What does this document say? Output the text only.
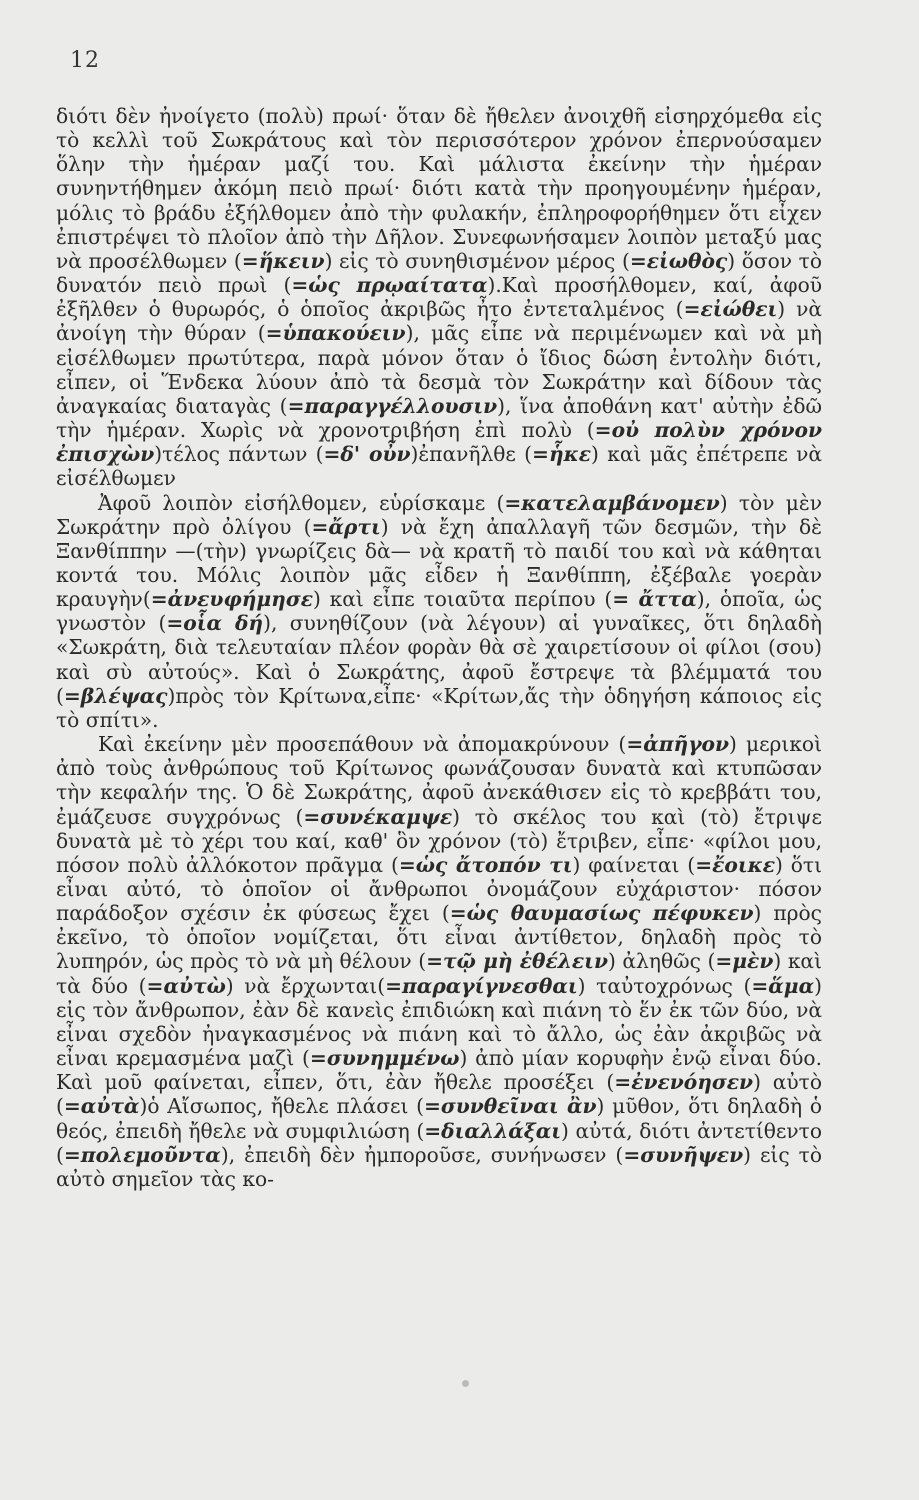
12

διότι δὲν ἠνοίγετο (πολὺ) πρωί· ὅταν δὲ ἤθελεν ἀνοιχθῆ εἰσηρχόμεθα εἰς τὸ κελλὶ τοῦ Σωκράτους καὶ τὸν περισσότερον χρόνον ἐπερνούσαμεν ὅλην τὴν ἡμέραν μαζί του. Καὶ μάλιστα ἐκείνην τὴν ἡμέραν συνηντήθημεν ἀκόμη πειὸ πρωί· διότι κατὰ τὴν προηγουμένην ἡμέραν, μόλις τὸ βράδυ ἐξήλθομεν ἀπὸ τὴν φυλακήν, ἐπληροφορήθημεν ὅτι εἶχεν ἐπιστρέψει τὸ πλοῖον ἀπὸ τὴν Δῆλον. Συνεφωνήσαμεν λοιπὸν μεταξύ μας νὰ προσέλθωμεν (=ἥκειν) εἰς τὸ συνηθισμένον μέρος (=εἰωθὸς) ὅσον τὸ δυνατόν πειὸ πρωὶ (=ὡς πρῳαίτατα).Καὶ προσήλθομεν, καί, ἀφοῦ ἐξῆλθεν ὁ θυρωρός, ὁ ὁποῖος ἀκριβῶς ἦτο ἐντεταλμένος (=εἰώθει) νὰ ἀνοίγη τὴν θύραν (=ὑπακούειν), μᾶς εἶπε νὰ περιμένωμεν καὶ νὰ μὴ εἰσέλθωμεν πρωτύτερα, παρὰ μόνον ὅταν ὁ ἴδιος δώση ἐντολὴν διότι, εἶπεν, οἱ Ἕνδεκα λύουν ἀπὸ τὰ δεσμὰ τὸν Σωκράτην καὶ δίδουν τὰς ἀναγκαίας διαταγὰς (=παραγγέλλουσιν), ἵνα ἀποθάνη κατ' αὐτὴν ἐδῶ τὴν ἡμέραν. Χωρὶς νὰ χρονοτριβήση ἐπὶ πολὺ (=οὐ πολὺν χρόνον ἐπισχὼν)τέλος πάντων (=δ' οὖν)ἐπανῆλθε (=ἧκε) καὶ μᾶς ἐπέτρεπε νὰ εἰσέλθωμεν

Ἀφοῦ λοιπὸν εἰσήλθομεν, εὑρίσκαμε (=κατελαμβάνομεν) τὸν μὲν Σωκράτην πρὸ ὀλίγου (=ἄρτι) νὰ ἔχη ἀπαλλαγῆ τῶν δεσμῶν, τὴν δὲ Ξανθίππην —(τὴν) γνωρίζεις δὰ— νὰ κρατῆ τὸ παιδί του καὶ νὰ κάθηται κοντά του. Μόλις λοιπὸν μᾶς εἶδεν ἡ Ξανθίππη, ἐξέβαλε γοερὰν κραυγὴν(=ἀνευφήμησε) καὶ εἶπε τοιαῦτα περίπου (= ἄττα), ὁποῖα, ὡς γνωστὸν (=οἷα δή), συνηθίζουν (νὰ λέγουν) αἱ γυναῖκες, ὅτι δηλαδὴ «Σωκράτη, διὰ τελευταίαν πλέον φορὰν θὰ σὲ χαιρετίσουν οἱ φίλοι (σου) καὶ σὺ αὐτούς». Καὶ ὁ Σωκράτης, ἀφοῦ ἔστρεψε τὰ βλέμματά του (=βλέψας)πρὸς τὸν Κρίτωνα,εἶπε· «Κρίτων,ἄς τὴν ὁδηγήση κάποιος εἰς τὸ σπίτι».

Καὶ ἐκείνην μὲν προσεπάθουν νὰ ἀπομακρύνουν (=ἀπῆγον) μερικοὶ ἀπὸ τοὺς ἀνθρώπους τοῦ Κρίτωνος φωνάζουσαν δυνατὰ καὶ κτυπῶσαν τὴν κεφαλήν της. Ὁ δὲ Σωκράτης, ἀφοῦ ἀνεκάθισεν εἰς τὸ κρεββάτι του, ἐμάζευσε συγχρόνως (=συνέκαμψε) τὸ σκέλος του καὶ (τὸ) ἔτριψε δυνατὰ μὲ τὸ χέρι του καί, καθ' ὃν χρόνον (τὸ) ἔτριβεν, εἶπε· «φίλοι μου, πόσον πολὺ ἀλλόκοτον πρᾶγμα (=ὡς ἄτοπόν τι) φαίνεται (=ἔοικε) ὅτι εἶναι αὐτό, τὸ ὁποῖον οἱ ἄνθρωποι ὀνομάζουν εὐχάριστον· πόσον παράδοξον σχέσιν ἐκ φύσεως ἔχει (=ὡς θαυμασίως πέφυκεν) πρὸς ἐκεῖνο, τὸ ὁποῖον νομίζεται, ὅτι εἶναι ἀντίθετον, δηλαδὴ πρὸς τὸ λυπηρόν, ὡς πρὸς τὸ νὰ μὴ θέλουν (=τῷ μὴ ἐθέλειν) ἀληθῶς (=μὲν) καὶ τὰ δύο (=αὐτὼ) νὰ ἔρχωνται(=παραγίγνεσθαι) ταὐτοχρόνως (=ἅμα) εἰς τὸν ἄνθρωπον, ἐὰν δὲ κανεὶς ἐπιδιώκη καὶ πιάνη τὸ ἕν ἐκ τῶν δύο, νὰ εἶναι σχεδὸν ἠναγκασμένος νὰ πιάνη καὶ τὸ ἄλλο, ὡς ἐὰν ἀκριβῶς νὰ εἶναι κρεμασμένα μαζὶ (=συνημμένω) ἀπὸ μίαν κορυφὴν ἐνῷ εἶναι δύο. Καὶ μοῦ φαίνεται, εἶπεν, ὅτι, ἐὰν ἤθελε προσέξει (=ἐνενόησεν) αὐτὸ (=αὐτὰ)ὁ Αἴσωπος, ἤθελε πλάσει (=συνθεῖναι ἂν) μῦθον, ὅτι δηλαδὴ ὁ θεός, ἐπειδὴ ἤθελε νὰ συμφιλιώση (=διαλλάξαι) αὐτά, διότι ἀντετίθεντο (=πολεμοῦντα), ἐπειδὴ δὲν ἠμποροῦσε, συνήνωσεν (=συνῆψεν) εἰς τὸ αὐτὸ σημεῖον τὰς κο-
